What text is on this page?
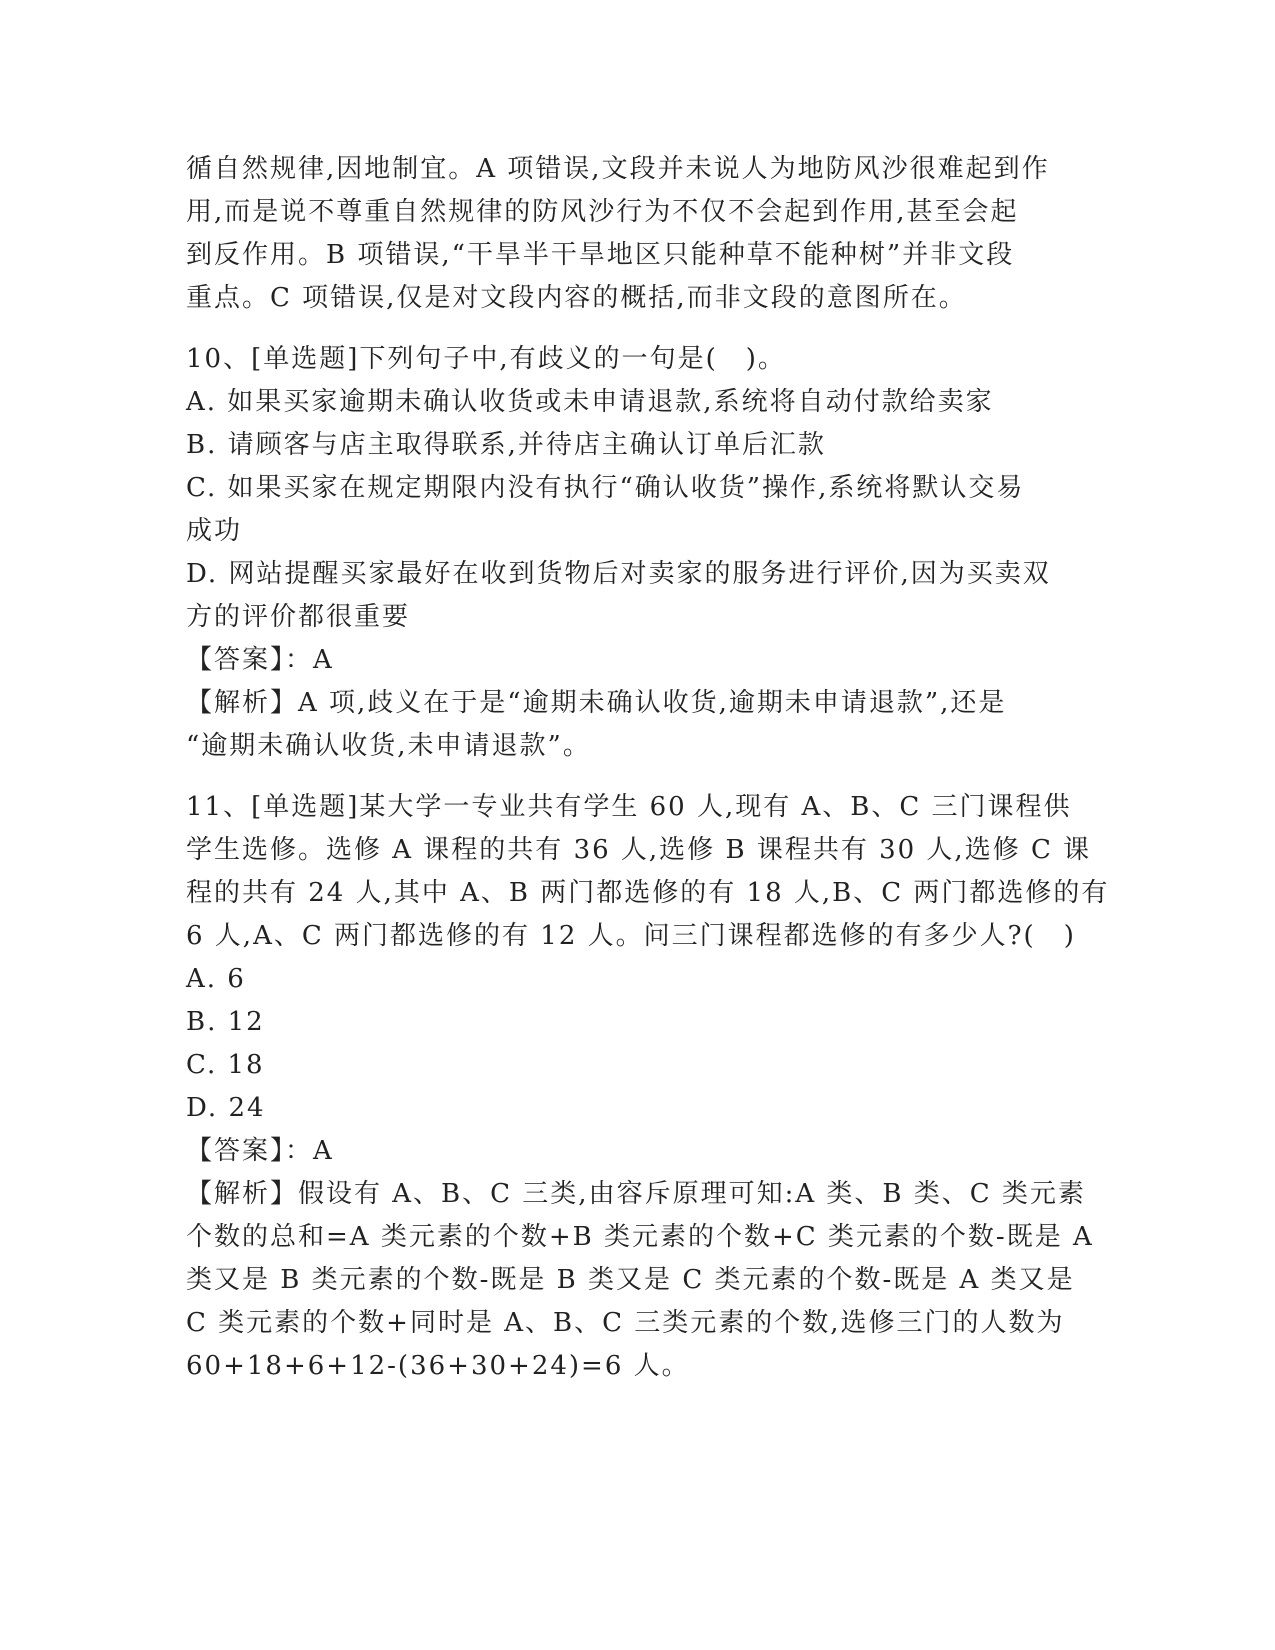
循自然规律,因地制宜。A 项错误,文段并未说人为地防风沙很难起到作

用,而是说不尊重自然规律的防风沙行为不仅不会起到作用,甚至会起

到反作用。B 项错误,“干旱半干旱地区只能种草不能种树”并非文段

重点。C 项错误,仅是对文段内容的概括,而非文段的意图所在。

10、[单选题]下列句子中,有歧义的一句是(　)。

A. 如果买家逾期未确认收货或未申请退款,系统将自动付款给卖家

B. 请顾客与店主取得联系,并待店主确认订单后汇款

C. 如果买家在规定期限内没有执行“确认收货”操作,系统将默认交易

成功

D. 网站提醒买家最好在收到货物后对卖家的服务进行评价,因为买卖双

方的评价都很重要

【答案】：A

【解析】A 项,歧义在于是“逾期未确认收货,逾期未申请退款”,还是

“逾期未确认收货,未申请退款”。

11、[单选题]某大学一专业共有学生 60 人,现有 A、B、C 三门课程供

学生选修。选修 A 课程的共有 36 人,选修 B 课程共有 30 人,选修 C 课

程的共有 24 人,其中 A、B 两门都选修的有 18 人,B、C 两门都选修的有

6 人,A、C 两门都选修的有 12 人。问三门课程都选修的有多少人?(　)

A. 6

B. 12

C. 18

D. 24

【答案】：A

【解析】假设有 A、B、C 三类,由容斥原理可知:A 类、B 类、C 类元素

个数的总和=A 类元素的个数+B 类元素的个数+C 类元素的个数-既是 A

类又是 B 类元素的个数-既是 B 类又是 C 类元素的个数-既是 A 类又是

C 类元素的个数+同时是 A、B、C 三类元素的个数,选修三门的人数为

60+18+6+12-(36+30+24)=6 人。
